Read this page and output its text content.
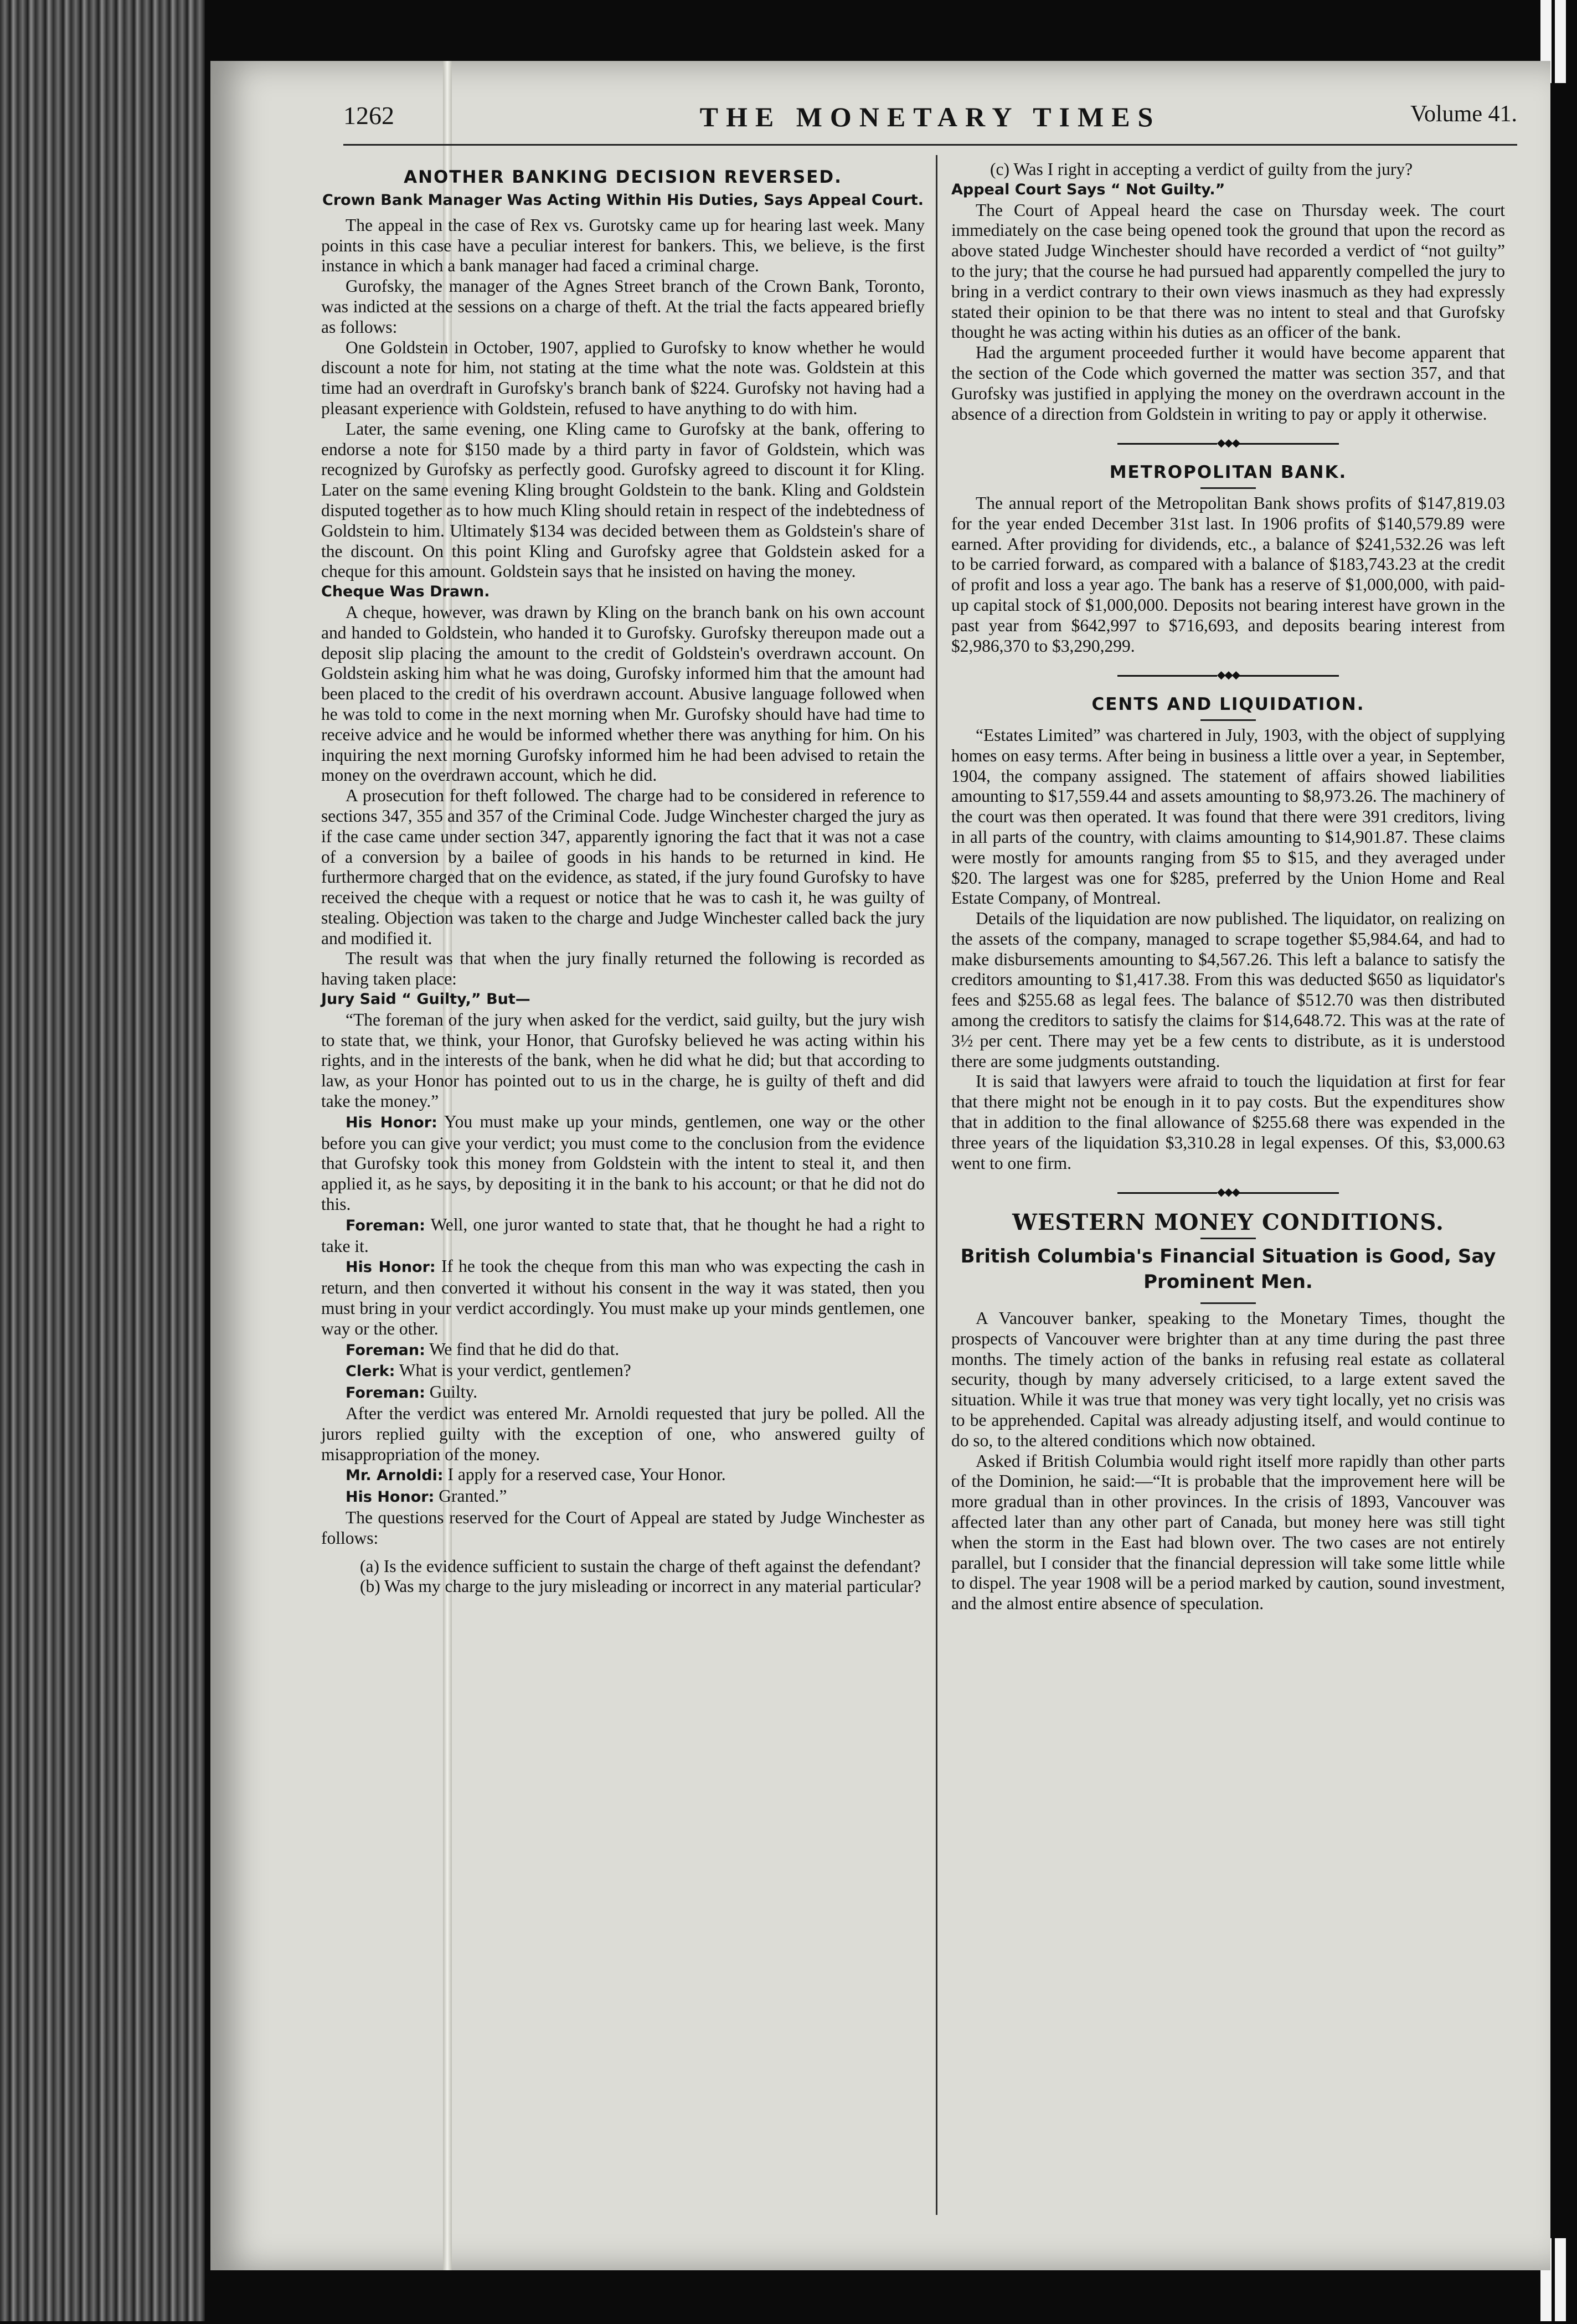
1262	THE MONETARY TIMES	Volume 41.
ANOTHER BANKING DECISION REVERSED.
Crown Bank Manager Was Acting Within His Duties, Says Appeal Court.

The appeal in the case of Rex vs. Gurotsky came up for hearing last week. Many points in this case have a peculiar interest for bankers. This, we believe, is the first instance in which a bank manager had faced a criminal charge.

Gurofsky, the manager of the Agnes Street branch of the Crown Bank, Toronto, was indicted at the sessions on a charge of theft. At the trial the facts appeared briefly as follows:

One Goldstein in October, 1907, applied to Gurofsky to know whether he would discount a note for him, not stating at the time what the note was. Goldstein at this time had an overdraft in Gurofsky's branch bank of $224. Gurofsky not having had a pleasant experience with Goldstein, refused to have anything to do with him.

Later, the same evening, one Kling came to Gurofsky at the bank, offering to endorse a note for $150 made by a third party in favor of Goldstein, which was recognized by Gurofsky as perfectly good. Gurofsky agreed to discount it for Kling. Later on the same evening Kling brought Goldstein to the bank. Kling and Goldstein disputed together as to how much Kling should retain in respect of the indebtedness of Goldstein to him. Ultimately $134 was decided between them as Goldstein's share of the discount. On this point Kling and Gurofsky agree that Goldstein asked for a cheque for this amount. Goldstein says that he insisted on having the money.

Cheque Was Drawn.

A cheque, however, was drawn by Kling on the branch bank on his own account and handed to Goldstein, who handed it to Gurofsky. Gurofsky thereupon made out a deposit slip placing the amount to the credit of Goldstein's overdrawn account. On Goldstein asking him what he was doing, Gurofsky informed him that the amount had been placed to the credit of his overdrawn account. Abusive language followed when he was told to come in the next morning when Mr. Gurofsky should have had time to receive advice and he would be informed whether there was anything for him. On his inquiring the next morning Gurofsky informed him he had been advised to retain the money on the overdrawn account, which he did.

A prosecution for theft followed. The charge had to be considered in reference to sections 347, 355 and 357 of the Criminal Code. Judge Winchester charged the jury as if the case came under section 347, apparently ignoring the fact that it was not a case of a conversion by a bailee of goods in his hands to be returned in kind. He furthermore charged that on the evidence, as stated, if the jury found Gurofsky to have received the cheque with a request or notice that he was to cash it, he was guilty of stealing. Objection was taken to the charge and Judge Winchester called back the jury and modified it.

The result was that when the jury finally returned the following is recorded as having taken place:

Jury Said “ Guilty,” But—

“The foreman of the jury when asked for the verdict, said guilty, but the jury wish to state that, we think, your Honor, that Gurofsky believed he was acting within his rights, and in the interests of the bank, when he did what he did; but that according to law, as your Honor has pointed out to us in the charge, he is guilty of theft and did take the money.”

His Honor: You must make up your minds, gentlemen, one way or the other before you can give your verdict; you must come to the conclusion from the evidence that Gurofsky took this money from Goldstein with the intent to steal it, and then applied it, as he says, by depositing it in the bank to his account; or that he did not do this.

Foreman: Well, one juror wanted to state that, that he thought he had a right to take it.

His Honor: If he took the cheque from this man who was expecting the cash in return, and then converted it without his consent in the way it was stated, then you must bring in your verdict accordingly. You must make up your minds gentlemen, one way or the other.

Foreman: We find that he did do that.

Clerk: What is your verdict, gentlemen?

Foreman: Guilty.

After the verdict was entered Mr. Arnoldi requested that jury be polled. All the jurors replied guilty with the exception of one, who answered guilty of misappropriation of the money.

Mr. Arnoldi: I apply for a reserved case, Your Honor.

His Honor: Granted.”

The questions reserved for the Court of Appeal are stated by Judge Winchester as follows:

(a) Is the evidence sufficient to sustain the charge of theft against the defendant?

(b) Was my charge to the jury misleading or incorrect in any material particular?

(c) Was I right in accepting a verdict of guilty from the jury?

Appeal Court Says “ Not Guilty.”

The Court of Appeal heard the case on Thursday week. The court immediately on the case being opened took the ground that upon the record as above stated Judge Winchester should have recorded a verdict of “not guilty” to the jury; that the course he had pursued had apparently compelled the jury to bring in a verdict contrary to their own views inasmuch as they had expressly stated their opinion to be that there was no intent to steal and that Gurofsky thought he was acting within his duties as an officer of the bank.

Had the argument proceeded further it would have become apparent that the section of the Code which governed the matter was section 357, and that Gurofsky was justified in applying the money on the overdrawn account in the absence of a direction from Goldstein in writing to pay or apply it otherwise.

◆◆◆
METROPOLITAN BANK.

The annual report of the Metropolitan Bank shows profits of $147,819.03 for the year ended December 31st last. In 1906 profits of $140,579.89 were earned. After providing for dividends, etc., a balance of $241,532.26 was left to be carried forward, as compared with a balance of $183,743.23 at the credit of profit and loss a year ago. The bank has a reserve of $1,000,000, with paid-up capital stock of $1,000,000. Deposits not bearing interest have grown in the past year from $642,997 to $716,693, and deposits bearing interest from $2,986,370 to $3,290,299.

◆◆◆
CENTS AND LIQUIDATION.

“Estates Limited” was chartered in July, 1903, with the object of supplying homes on easy terms. After being in business a little over a year, in September, 1904, the company assigned. The statement of affairs showed liabilities amounting to $17,559.44 and assets amounting to $8,973.26. The machinery of the court was then operated. It was found that there were 391 creditors, living in all parts of the country, with claims amounting to $14,901.87. These claims were mostly for amounts ranging from $5 to $15, and they averaged under $20. The largest was one for $285, preferred by the Union Home and Real Estate Company, of Montreal.

Details of the liquidation are now published. The liquidator, on realizing on the assets of the company, managed to scrape together $5,984.64, and had to make disbursements amounting to $4,567.26. This left a balance to satisfy the creditors amounting to $1,417.38. From this was deducted $650 as liquidator's fees and $255.68 as legal fees. The balance of $512.70 was then distributed among the creditors to satisfy the claims for $14,648.72. This was at the rate of 3½ per cent. There may yet be a few cents to distribute, as it is understood there are some judgments outstanding.

It is said that lawyers were afraid to touch the liquidation at first for fear that there might not be enough in it to pay costs. But the expenditures show that in addition to the final allowance of $255.68 there was expended in the three years of the liquidation $3,310.28 in legal expenses. Of this, $3,000.63 went to one firm.

◆◆◆
WESTERN MONEY CONDITIONS.
British Columbia's Financial Situation is Good, Say Prominent Men.

A Vancouver banker, speaking to the Monetary Times, thought the prospects of Vancouver were brighter than at any time during the past three months. The timely action of the banks in refusing real estate as collateral security, though by many adversely criticised, to a large extent saved the situation. While it was true that money was very tight locally, yet no crisis was to be apprehended. Capital was already adjusting itself, and would continue to do so, to the altered conditions which now obtained.

Asked if British Columbia would right itself more rapidly than other parts of the Dominion, he said:—“It is probable that the improvement here will be more gradual than in other provinces. In the crisis of 1893, Vancouver was affected later than any other part of Canada, but money here was still tight when the storm in the East had blown over. The two cases are not entirely parallel, but I consider that the financial depression will take some little while to dispel. The year 1908 will be a period marked by caution, sound investment, and the almost entire absence of speculation.
